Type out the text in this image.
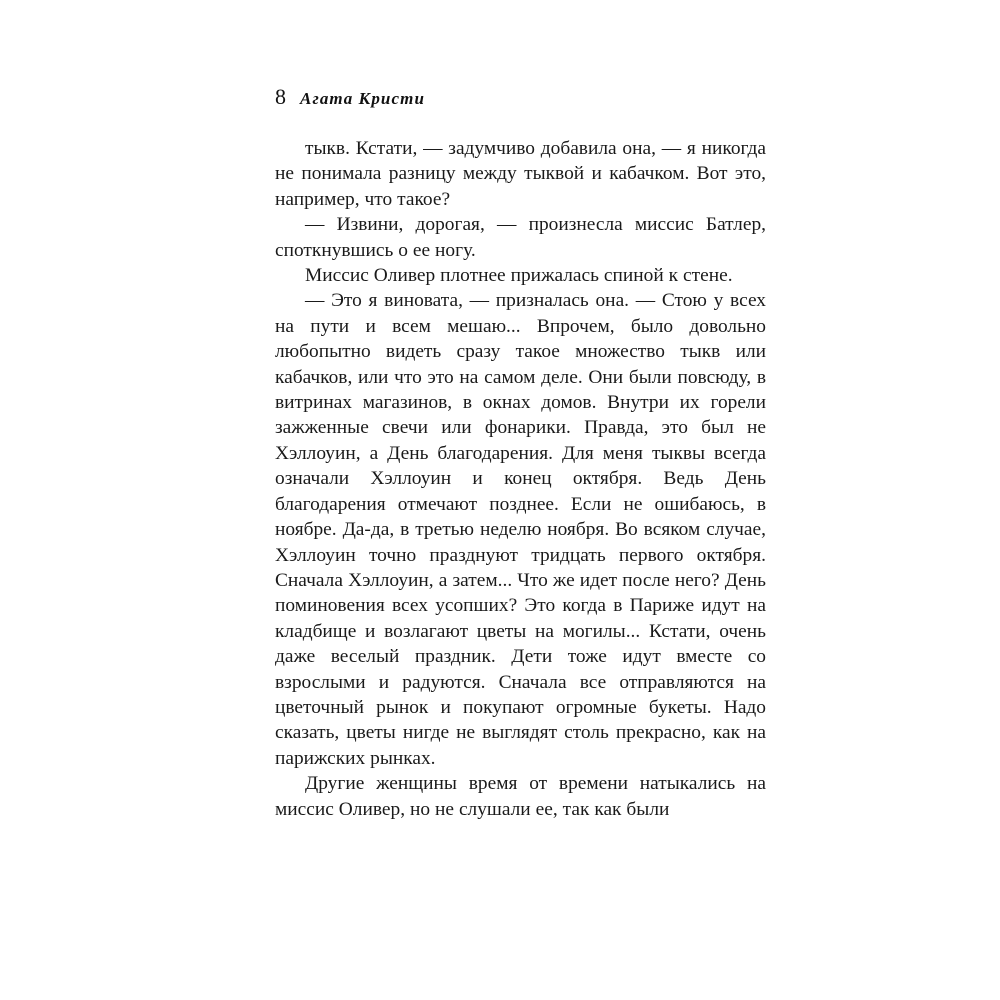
8 Агата Кристи

тыкв. Кстати, — задумчиво добавила она, — я никогда не понимала разницу между тыквой и кабачком. Вот это, например, что такое?

— Извини, дорогая, — произнесла миссис Батлер, споткнувшись о ее ногу.

Миссис Оливер плотнее прижалась спиной к стене.

— Это я виновата, — призналась она. — Стою у всех на пути и всем мешаю... Впрочем, было довольно любопытно видеть сразу такое множество тыкв или кабачков, или что это на самом деле. Они были повсюду, в витринах магазинов, в окнах домов. Внутри их горели зажженные свечи или фонарики. Правда, это был не Хэллоуин, а День благодарения. Для меня тыквы всегда означали Хэллоуин и конец октября. Ведь День благодарения отмечают позднее. Если не ошибаюсь, в ноябре. Да-да, в третью неделю ноября. Во всяком случае, Хэллоуин точно празднуют тридцать первого октября. Сначала Хэллоуин, а затем... Что же идет после него? День поминовения всех усопших? Это когда в Париже идут на кладбище и возлагают цветы на могилы... Кстати, очень даже веселый праздник. Дети тоже идут вместе со взрослыми и радуются. Сначала все отправляются на цветочный рынок и покупают огромные букеты. Надо сказать, цветы нигде не выглядят столь прекрасно, как на парижских рынках.

Другие женщины время от времени натыкались на миссис Оливер, но не слушали ее, так как были
